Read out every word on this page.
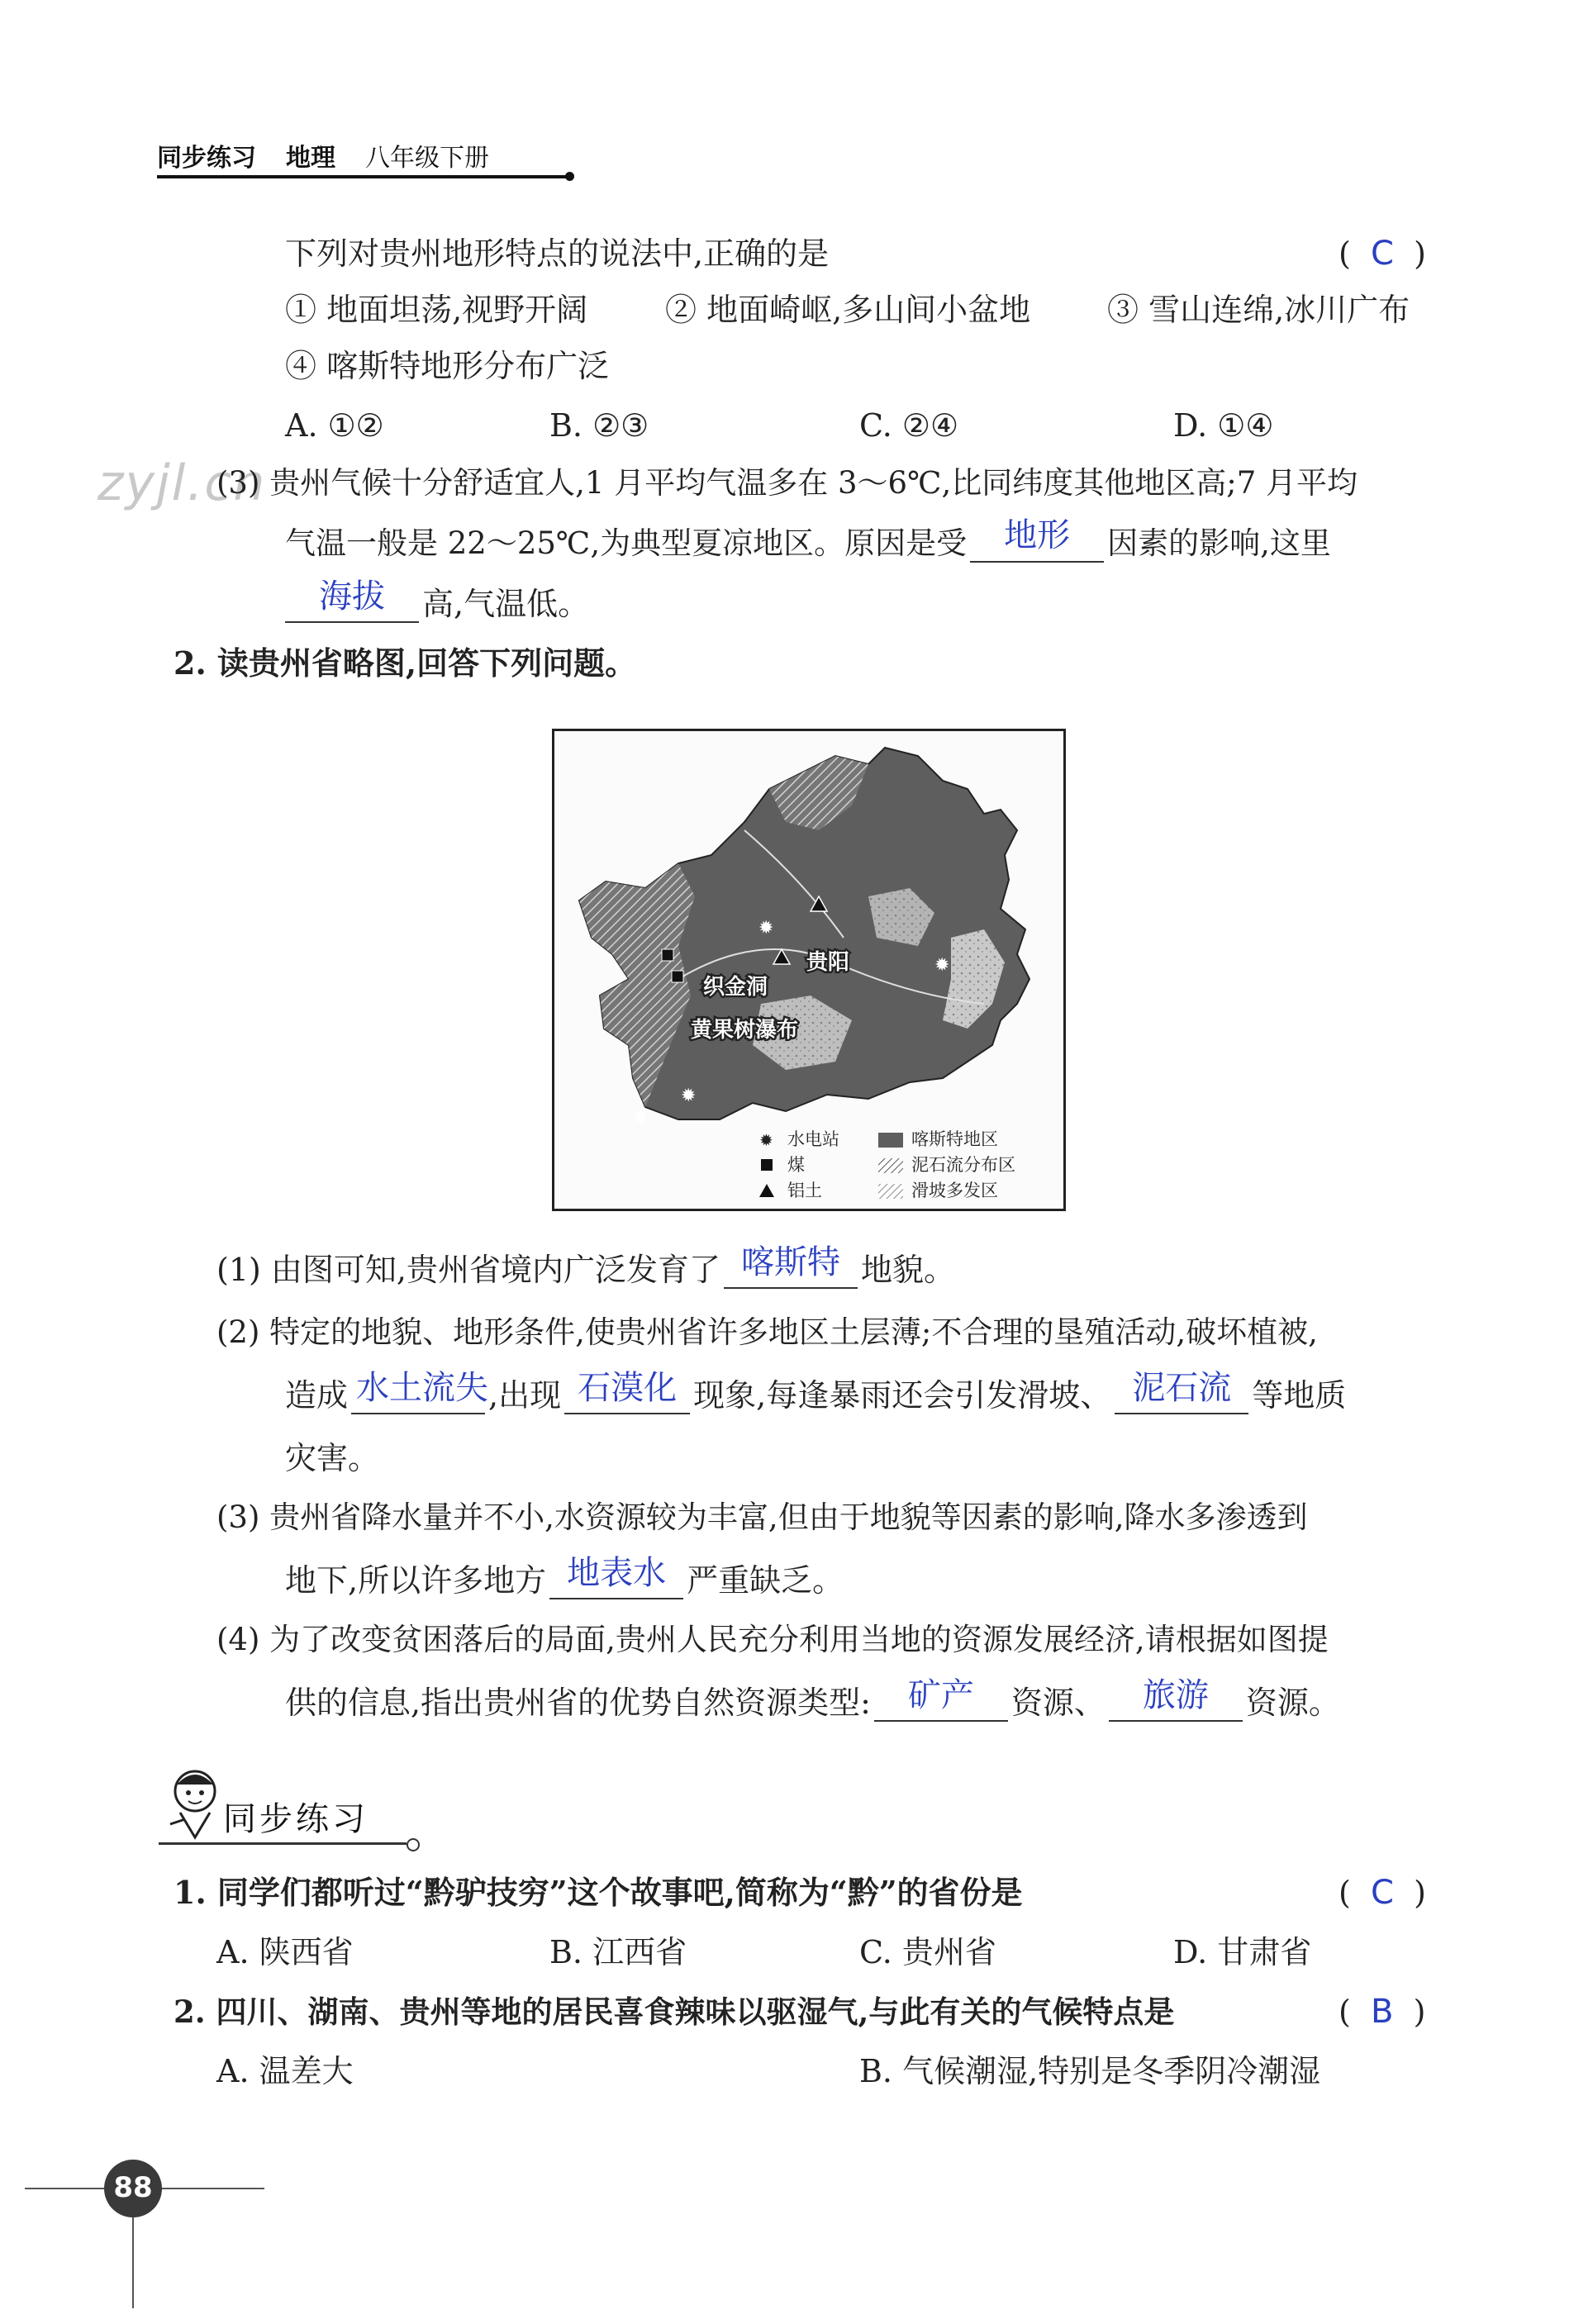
同步练习 地理 八年级下册
下列对贵州地形特点的说法中,正确的是	(  C  )
① 地面坦荡,视野开阔 ② 地面崎岖,多山间小盆地 ③ 雪山连绵,冰川广布
④ 喀斯特地形分布广泛
A. ①②	B. ②③	C. ②④	D. ①④
zyjl.cn
(3) 贵州气候十分舒适宜人,1 月平均气温多在 3～6℃,比同纬度其他地区高;7 月平均
气温一般是 22～25℃,为典型夏凉地区。原因是受 地形 因素的影响,这里
海拔 高,气温低。
2. 读贵州省略图,回答下列问题。
✹
✹
✹
✹
贵阳
织金洞
黄果树瀑布
✹ 水电站
煤
铝土
喀斯特地区
泥石流分布区
滑坡多发区
(1) 由图可知,贵州省境内广泛发育了 喀斯特 地貌。
(2) 特定的地貌、地形条件,使贵州省许多地区土层薄;不合理的垦殖活动,破坏植被,
造成 水土流失,出现 石漠化 现象,每逢暴雨还会引发滑坡、 泥石流 等地质
灾害。
(3) 贵州省降水量并不小,水资源较为丰富,但由于地貌等因素的影响,降水多渗透到
地下,所以许多地方 地表水 严重缺乏。
(4) 为了改变贫困落后的局面,贵州人民充分利用当地的资源发展经济,请根据如图提
供的信息,指出贵州省的优势自然资源类型: 矿产 资源、 旅游 资源。
同步练习
1. 同学们都听过“黔驴技穷”这个故事吧,简称为“黔”的省份是	(  C  )
A. 陕西省	B. 江西省	C. 贵州省	D. 甘肃省
2. 四川、湖南、贵州等地的居民喜食辣味以驱湿气,与此有关的气候特点是	(  B  )
A. 温差大	B. 气候潮湿,特别是冬季阴冷潮湿
88
